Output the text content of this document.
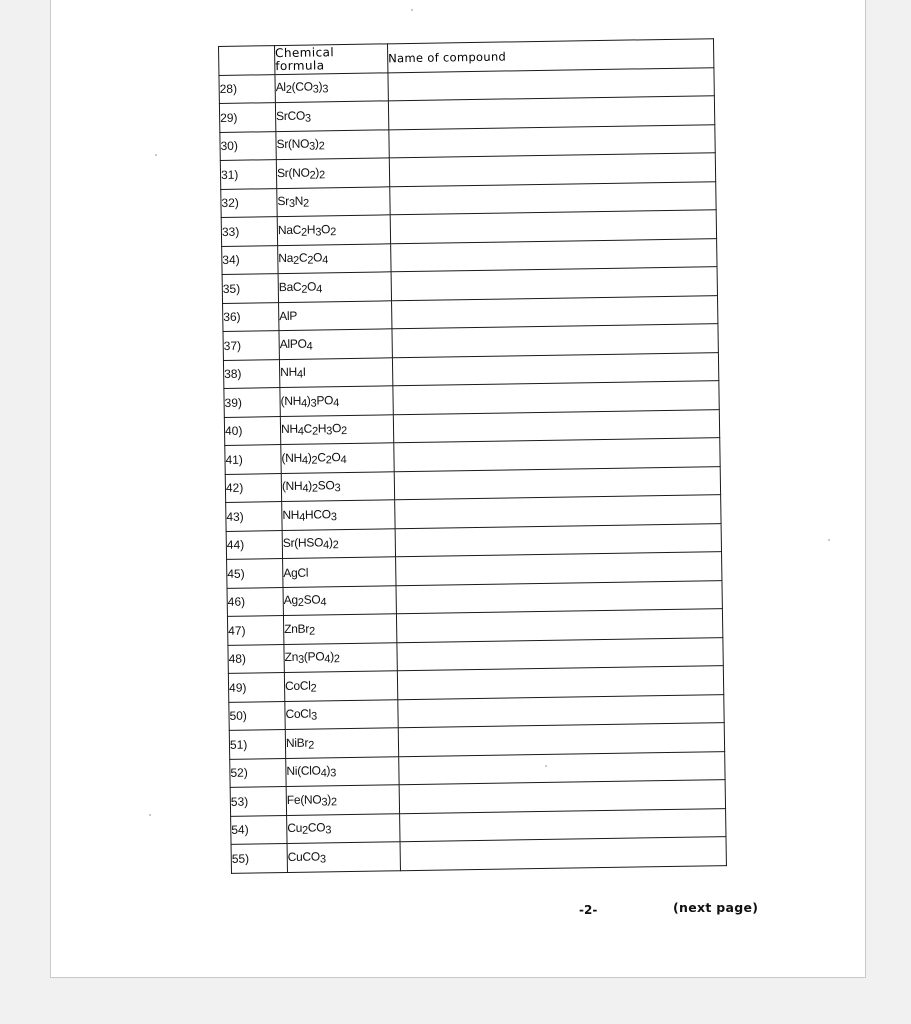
	Chemical formula	Name of compound
28)	$Al_2(CO_3)_3$	
29)	SrCO$_3$	
30)	$Sr(NO_3)_2$	
31)	$Sr(NO_2)_2$	
32)	$Sr_3N_2$	
33)	$NaC_2H_3O_2$	
34)	$Na_2C_2O_4$	
35)	$BaC_2O_4$	
36)	AlP	
37)	AlPO$_4$	
38)	$NH_4I$	
39)	$(NH_4)_3PO_4$	
40)	$NH_4C_2H_3O_2$	
41)	$(NH_4)_2C_2O_4$	
42)	$(NH_4)_2SO_3$	
43)	$NH_4HCO_3$	
44)	$Sr(HSO_4)_2$	
45)	AgCl	
46)	$Ag_2SO_4$	
47)	ZnBr$_2$	
48)	$Zn_3(PO_4)_2$	
49)	CoCl$_2$	
50)	CoCl$_3$	
51)	NiBr$_2$	
52)	$Ni(ClO_4)_3$	
53)	$Fe(NO_3)_2$	
54)	$Cu_2CO_3$	
55)	CuCO$_3$	
-2-	(next page)
